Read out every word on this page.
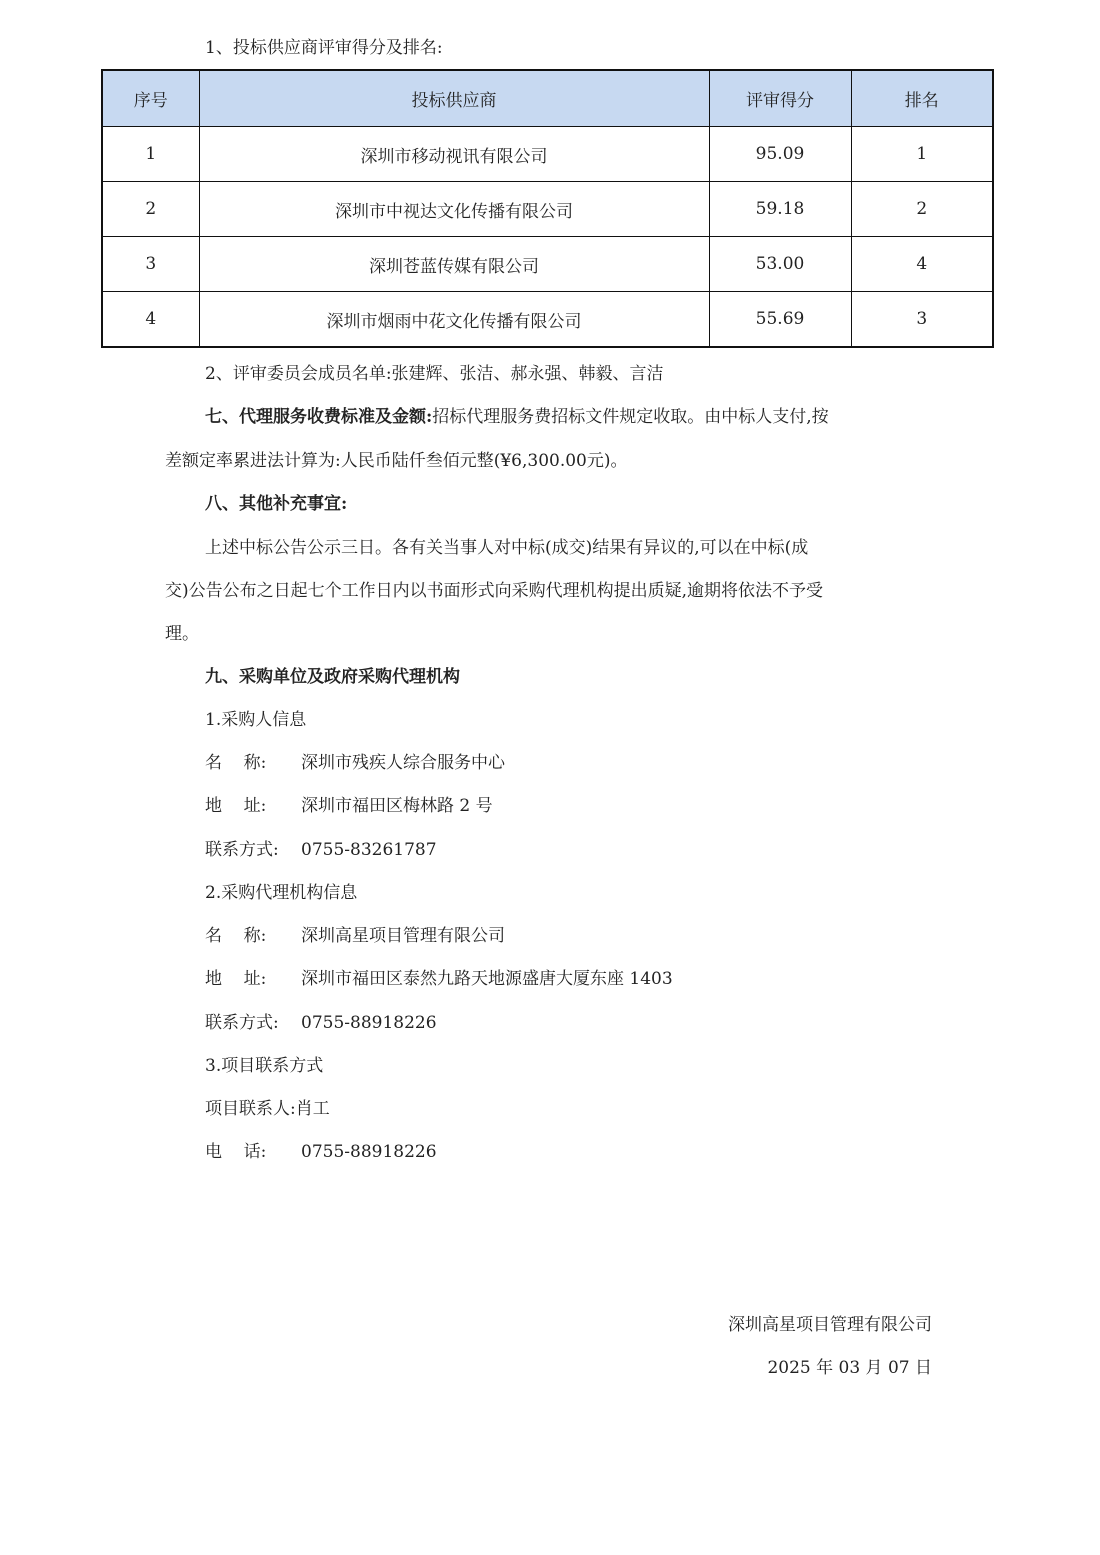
1、投标供应商评审得分及排名:
序号	投标供应商	评审得分	排名
1	深圳市移动视讯有限公司	95.09	1
2	深圳市中视达文化传播有限公司	59.18	2
3	深圳苍蓝传媒有限公司	53.00	4
4	深圳市烟雨中花文化传播有限公司	55.69	3
2、评审委员会成员名单:张建辉、张洁、郝永强、韩毅、言洁
七、代理服务收费标准及金额:招标代理服务费招标文件规定收取。由中标人支付,按
差额定率累进法计算为:人民币陆仟叁佰元整(¥6,300.00元)。
八、其他补充事宜:
上述中标公告公示三日。各有关当事人对中标(成交)结果有异议的,可以在中标(成
交)公告公布之日起七个工作日内以书面形式向采购代理机构提出质疑,逾期将依法不予受
理。
九、采购单位及政府采购代理机构
1.采购人信息
名    称: 深圳市残疾人综合服务中心
地    址: 深圳市福田区梅林路 2 号
联系方式: 0755-83261787
2.采购代理机构信息
名    称: 深圳高星项目管理有限公司
地    址: 深圳市福田区泰然九路天地源盛唐大厦东座 1403
联系方式: 0755-88918226
3.项目联系方式
项目联系人:肖工
电    话: 0755-88918226
深圳高星项目管理有限公司
2025 年 03 月 07 日
